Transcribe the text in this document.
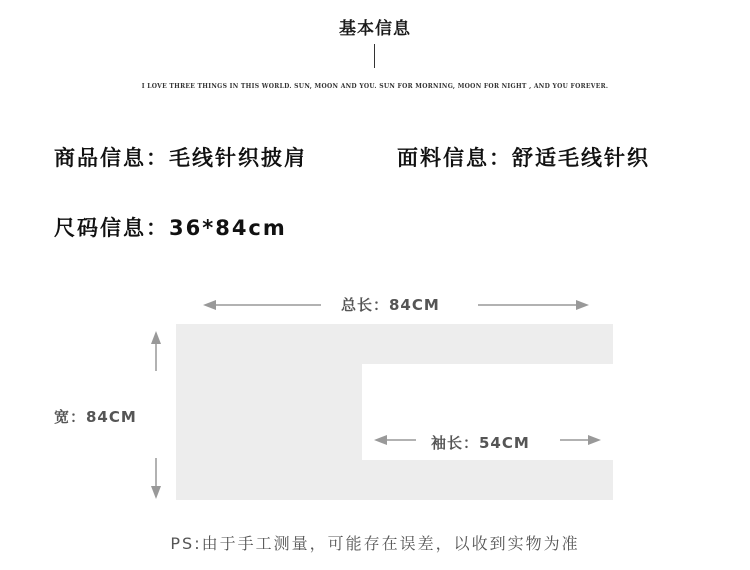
基本信息
I LOVE THREE THINGS IN THIS WORLD. SUN, MOON AND YOU. SUN FOR MORNING, MOON FOR NIGHT , AND YOU FOREVER.
商品信息：毛线针织披肩	面料信息：舒适毛线针织
尺码信息：36*84cm
总长：84CM
宽：84CM
袖长：54CM
PS:由于手工测量，可能存在误差，以收到实物为准
